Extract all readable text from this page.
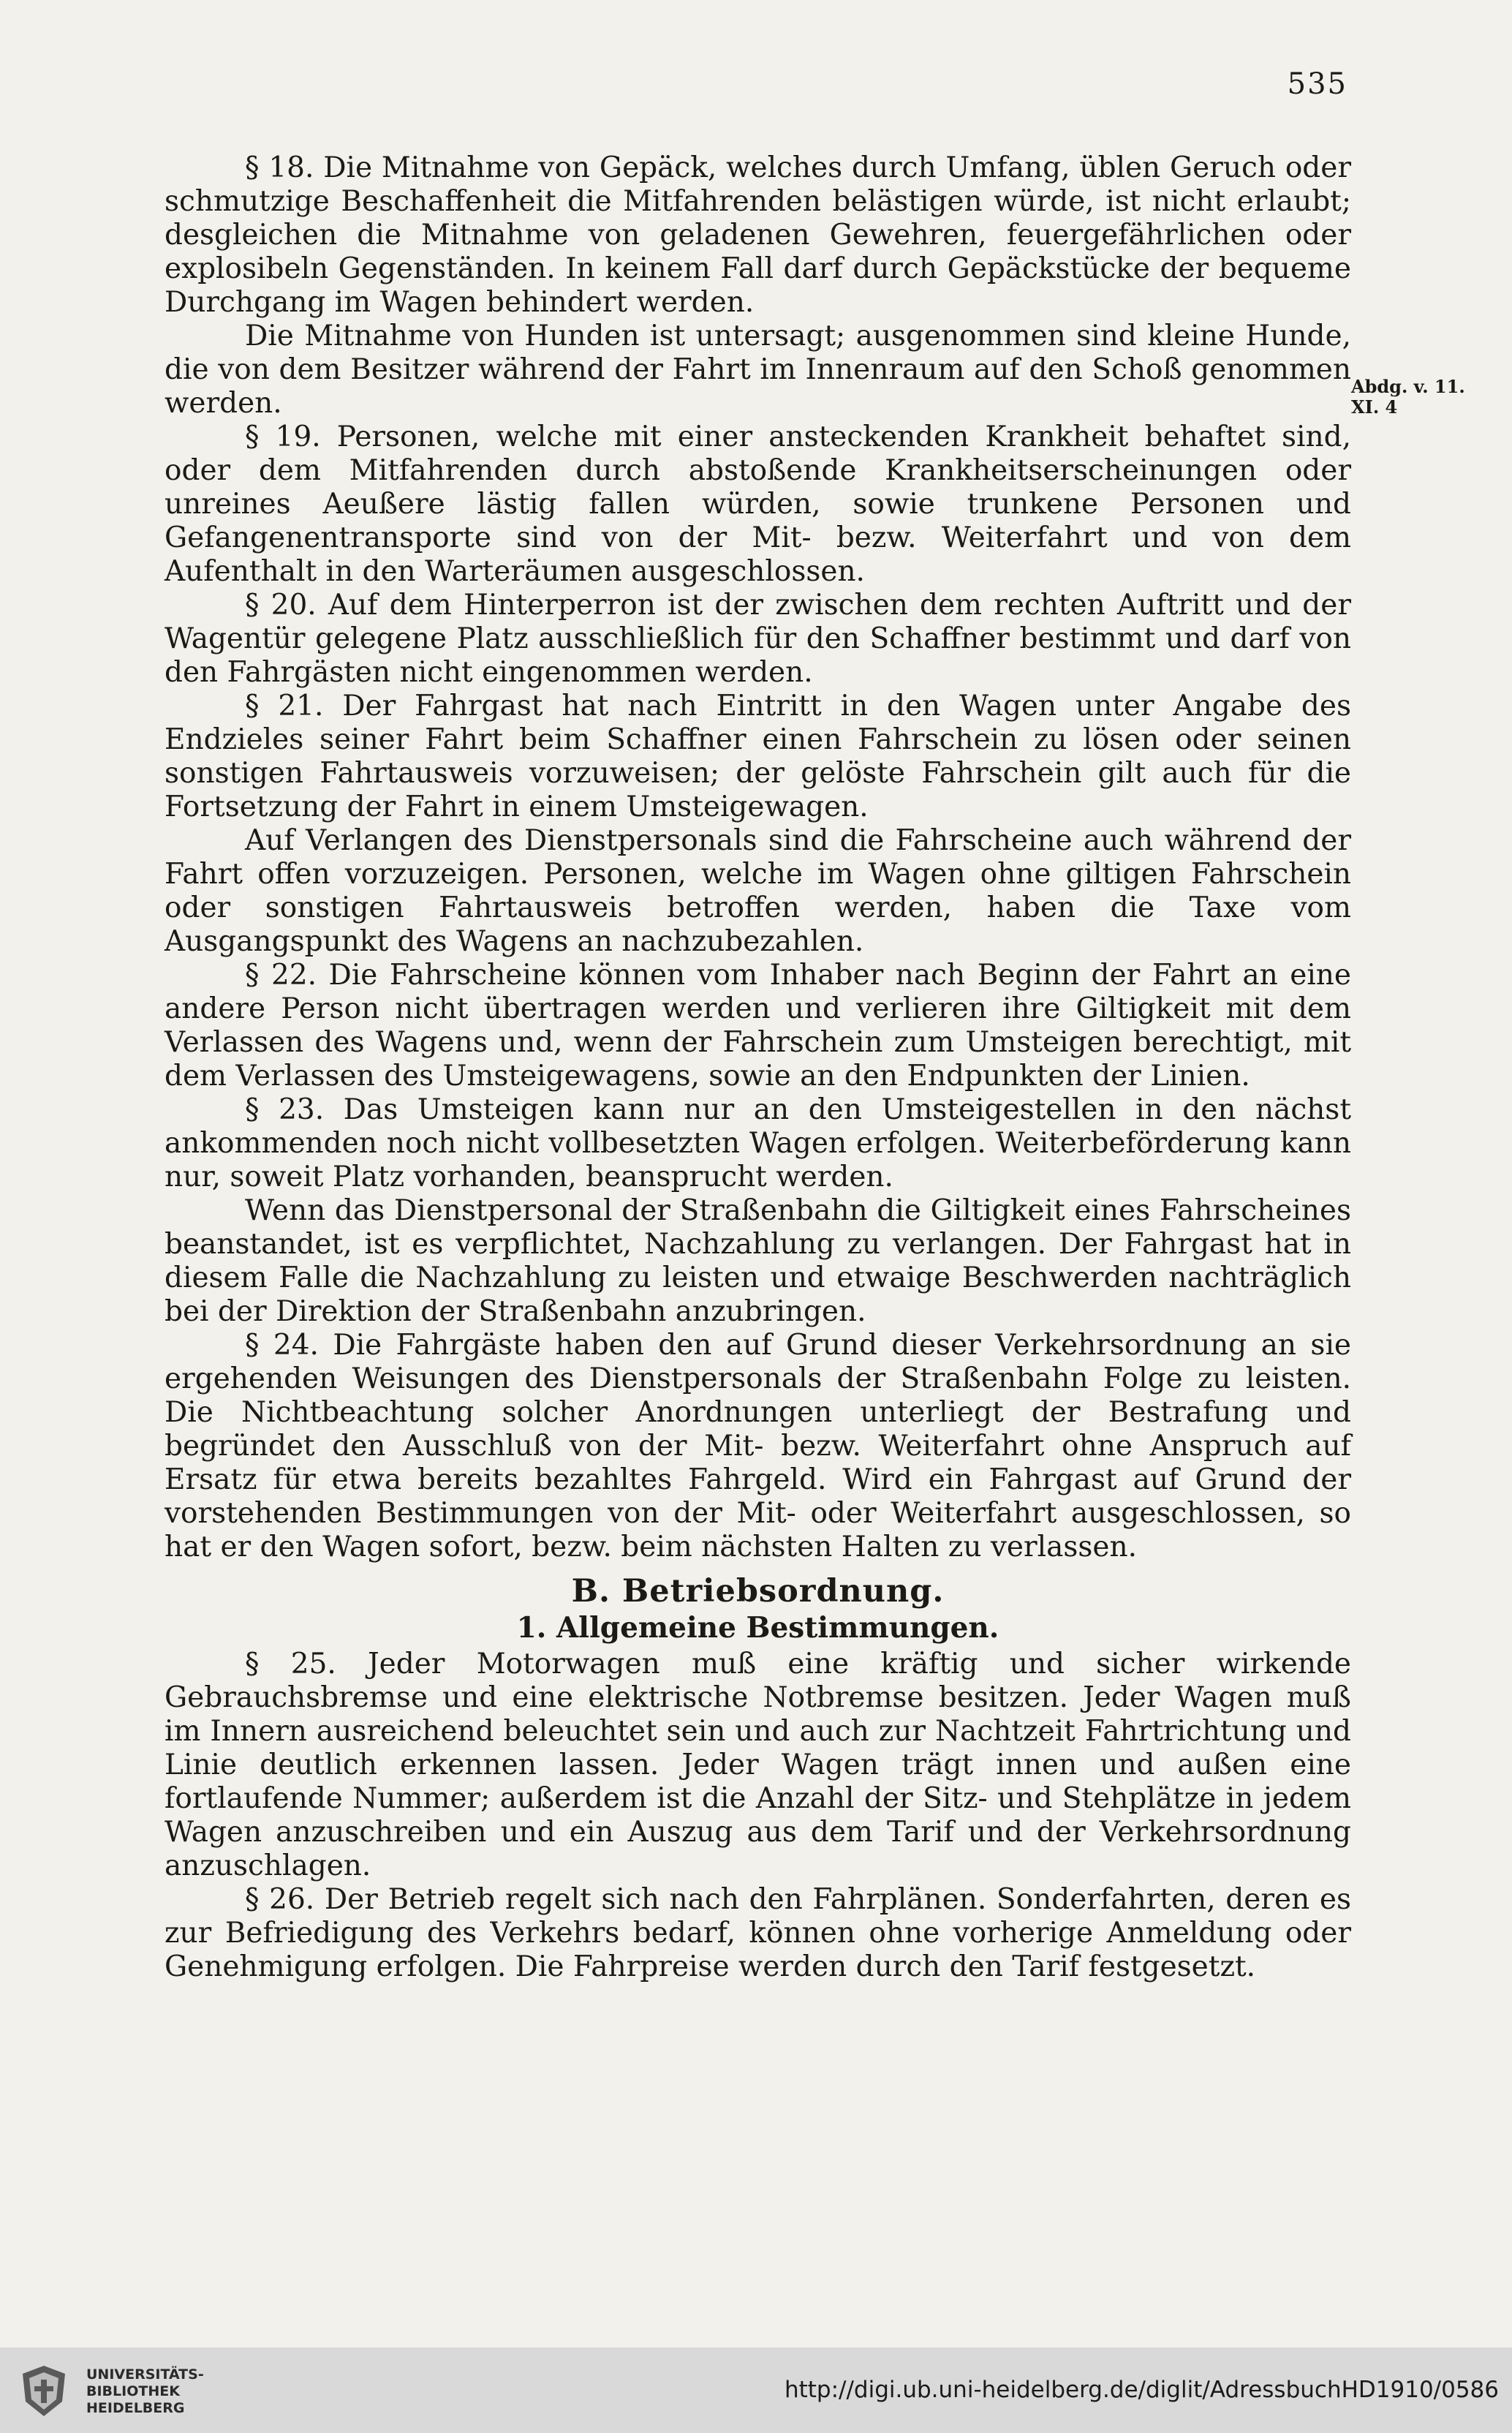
535
Abdg. v. 11. XI. 4

§ 18. Die Mitnahme von Gepäck, welches durch Umfang, üblen Geruch oder schmutzige Beschaffenheit die Mitfahrenden belästigen würde, ist nicht erlaubt; desgleichen die Mitnahme von geladenen Gewehren, feuergefährlichen oder explosibeln Gegenständen. In keinem Fall darf durch Gepäckstücke der bequeme Durchgang im Wagen behindert werden.

Die Mitnahme von Hunden ist untersagt; ausgenommen sind kleine Hunde, die von dem Besitzer während der Fahrt im Innenraum auf den Schoß genommen werden.

§ 19. Personen, welche mit einer ansteckenden Krankheit behaftet sind, oder dem Mitfahrenden durch abstoßende Krankheitserscheinungen oder unreines Aeußere lästig fallen würden, sowie trunkene Personen und Gefangenentransporte sind von der Mit- bezw. Weiterfahrt und von dem Aufenthalt in den Warteräumen ausgeschlossen.

§ 20. Auf dem Hinterperron ist der zwischen dem rechten Auftritt und der Wagentür gelegene Platz ausschließlich für den Schaffner bestimmt und darf von den Fahrgästen nicht eingenommen werden.

§ 21. Der Fahrgast hat nach Eintritt in den Wagen unter Angabe des Endzieles seiner Fahrt beim Schaffner einen Fahrschein zu lösen oder seinen sonstigen Fahrtausweis vorzuweisen; der gelöste Fahrschein gilt auch für die Fortsetzung der Fahrt in einem Umsteigewagen.

Auf Verlangen des Dienstpersonals sind die Fahrscheine auch während der Fahrt offen vorzuzeigen. Personen, welche im Wagen ohne giltigen Fahrschein oder sonstigen Fahrtausweis betroffen werden, haben die Taxe vom Ausgangspunkt des Wagens an nachzubezahlen.

§ 22. Die Fahrscheine können vom Inhaber nach Beginn der Fahrt an eine andere Person nicht übertragen werden und verlieren ihre Giltigkeit mit dem Verlassen des Wagens und, wenn der Fahrschein zum Umsteigen berechtigt, mit dem Verlassen des Umsteigewagens, sowie an den Endpunkten der Linien.

§ 23. Das Umsteigen kann nur an den Umsteigestellen in den nächst ankommenden noch nicht vollbesetzten Wagen erfolgen. Weiterbeförderung kann nur, soweit Platz vorhanden, beansprucht werden.

Wenn das Dienstpersonal der Straßenbahn die Giltigkeit eines Fahrscheines beanstandet, ist es verpflichtet, Nachzahlung zu verlangen. Der Fahrgast hat in diesem Falle die Nachzahlung zu leisten und etwaige Beschwerden nachträglich bei der Direktion der Straßenbahn anzubringen.

§ 24. Die Fahrgäste haben den auf Grund dieser Verkehrsordnung an sie ergehenden Weisungen des Dienstpersonals der Straßenbahn Folge zu leisten. Die Nichtbeachtung solcher Anordnungen unterliegt der Bestrafung und begründet den Ausschluß von der Mit- bezw. Weiterfahrt ohne Anspruch auf Ersatz für etwa bereits bezahltes Fahrgeld. Wird ein Fahrgast auf Grund der vorstehenden Bestimmungen von der Mit- oder Weiterfahrt ausgeschlossen, so hat er den Wagen sofort, bezw. beim nächsten Halten zu verlassen.

B. Betriebsordnung.
1. Allgemeine Bestimmungen.

§ 25. Jeder Motorwagen muß eine kräftig und sicher wirkende Gebrauchsbremse und eine elektrische Notbremse besitzen. Jeder Wagen muß im Innern ausreichend beleuchtet sein und auch zur Nachtzeit Fahrtrichtung und Linie deutlich erkennen lassen. Jeder Wagen trägt innen und außen eine fortlaufende Nummer; außerdem ist die Anzahl der Sitz- und Stehplätze in jedem Wagen anzuschreiben und ein Auszug aus dem Tarif und der Verkehrsordnung anzuschlagen.

§ 26. Der Betrieb regelt sich nach den Fahrplänen. Sonderfahrten, deren es zur Befriedigung des Verkehrs bedarf, können ohne vorherige Anmeldung oder Genehmigung erfolgen. Die Fahrpreise werden durch den Tarif festgesetzt.

UNIVERSITÄTS-
BIBLIOTHEK
HEIDELBERG
http://digi.ub.uni-heidelberg.de/diglit/AdressbuchHD1910/0586
